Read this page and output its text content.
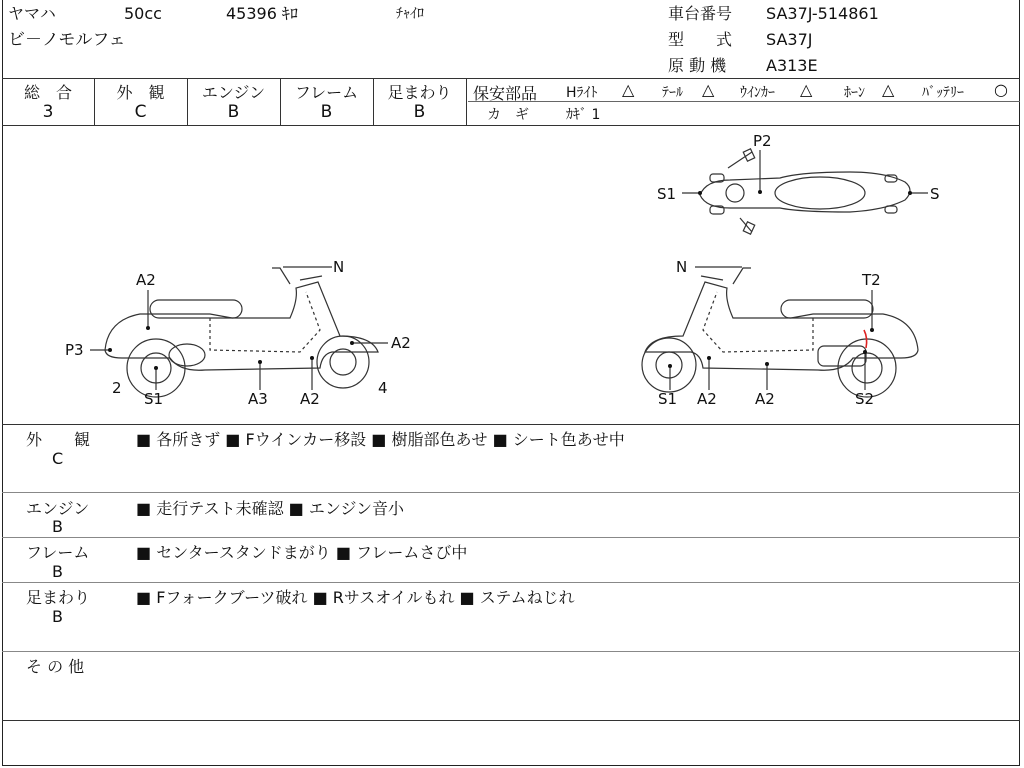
ヤマハ	50cc	45396 ｷﾛ	ﾁｬｲﾛ
ビ－ノモルフェ
車台番号 SA37J-514861
型　　式 SA37J
原 動 機 A313E
総　合	外　観	エンジン	フレーム	足まわり
3	C	B	B	B
保安部品 Hﾗｲﾄ △ ﾃｰﾙ △ ｳｲﾝｶｰ △ ﾎｰﾝ △ ﾊﾞｯﾃﾘｰ ○
カ　ギ	ｶｷﾞ 1
P2
S1	S
N
A2
A2
P3
2	4
S1	A3 A2
N
T2
S1 A2	A2	S2
外　　観
C
■ 各所きず ■ Fウインカー移設 ■ 樹脂部色あせ ■ シート色あせ中
エンジン
B
■ 走行テスト未確認 ■ エンジン音小
フレーム
B
■ センタースタンドまがり ■ フレームさび中
足まわり
B
■ Fフォークブーツ破れ ■ Rサスオイルもれ ■ ステムねじれ
そ の 他
